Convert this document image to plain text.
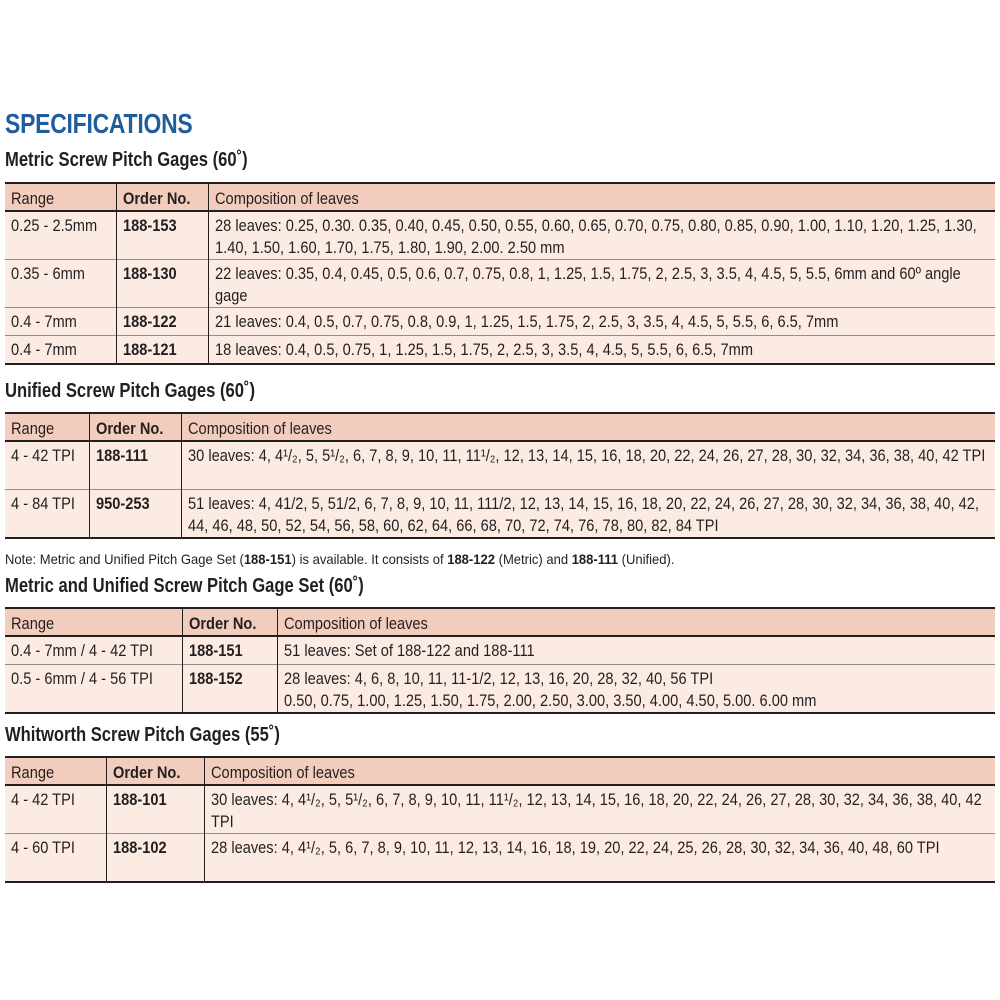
SPECIFICATIONS
Metric Screw Pitch Gages (60˚)
Range	Order No.	Composition of leaves

0.25 - 2.5mm	188-153	28 leaves: 0.25, 0.30. 0.35, 0.40, 0.45, 0.50, 0.55, 0.60, 0.65, 0.70, 0.75, 0.80, 0.85, 0.90, 1.00, 1.10, 1.20, 1.25, 1.30, 1.40, 1.50, 1.60, 1.70, 1.75, 1.80, 1.90, 2.00. 2.50 mm

0.35 - 6mm	188-130	22 leaves: 0.35, 0.4, 0.45, 0.5, 0.6, 0.7, 0.75, 0.8, 1, 1.25, 1.5, 1.75, 2, 2.5, 3, 3.5, 4, 4.5, 5, 5.5, 6mm and 60º angle gage

0.4 - 7mm	188-122	21 leaves: 0.4, 0.5, 0.7, 0.75, 0.8, 0.9, 1, 1.25, 1.5, 1.75, 2, 2.5, 3, 3.5, 4, 4.5, 5, 5.5, 6, 6.5, 7mm

0.4 - 7mm	188-121	18 leaves: 0.4, 0.5, 0.75, 1, 1.25, 1.5, 1.75, 2, 2.5, 3, 3.5, 4, 4.5, 5, 5.5, 6, 6.5, 7mm
Unified Screw Pitch Gages (60˚)
Range	Order No.	Composition of leaves

4 - 42 TPI	188-111	30 leaves: 4, 4¹/₂, 5, 5¹/₂, 6, 7, 8, 9, 10, 11, 11¹/₂, 12, 13, 14, 15, 16, 18, 20, 22, 24, 26, 27, 28, 30, 32, 34, 36, 38, 40, 42 TPI

4 - 84 TPI	950-253	51 leaves: 4, 41/2, 5, 51/2, 6, 7, 8, 9, 10, 11, 111/2, 12, 13, 14, 15, 16, 18, 20, 22, 24, 26, 27, 28, 30, 32, 34, 36, 38, 40, 42, 44, 46, 48, 50, 52, 54, 56, 58, 60, 62, 64, 66, 68, 70, 72, 74, 76, 78, 80, 82, 84 TPI
Note: Metric and Unified Pitch Gage Set (188-151) is available. It consists of 188-122 (Metric) and 188-111 (Unified).
Metric and Unified Screw Pitch Gage Set (60˚)
Range	Order No.	Composition of leaves

0.4 - 7mm / 4 - 42 TPI	188-151	51 leaves: Set of 188-122 and 188-111

0.5 - 6mm / 4 - 56 TPI	188-152	28 leaves: 4, 6, 8, 10, 11, 11-1/2, 12, 13, 16, 20, 28, 32, 40, 56 TPI
0.50, 0.75, 1.00, 1.25, 1.50, 1.75, 2.00, 2.50, 3.00, 3.50, 4.00, 4.50, 5.00. 6.00 mm
Whitworth Screw Pitch Gages (55˚)
Range	Order No.	Composition of leaves

4 - 42 TPI	188-101	30 leaves: 4, 4¹/₂, 5, 5¹/₂, 6, 7, 8, 9, 10, 11, 11¹/₂, 12, 13, 14, 15, 16, 18, 20, 22, 24, 26, 27, 28, 30, 32, 34, 36, 38, 40, 42 TPI

4 - 60 TPI	188-102	28 leaves: 4, 4¹/₂, 5, 6, 7, 8, 9, 10, 11, 12, 13, 14, 16, 18, 19, 20, 22, 24, 25, 26, 28, 30, 32, 34, 36, 40, 48, 60 TPI
